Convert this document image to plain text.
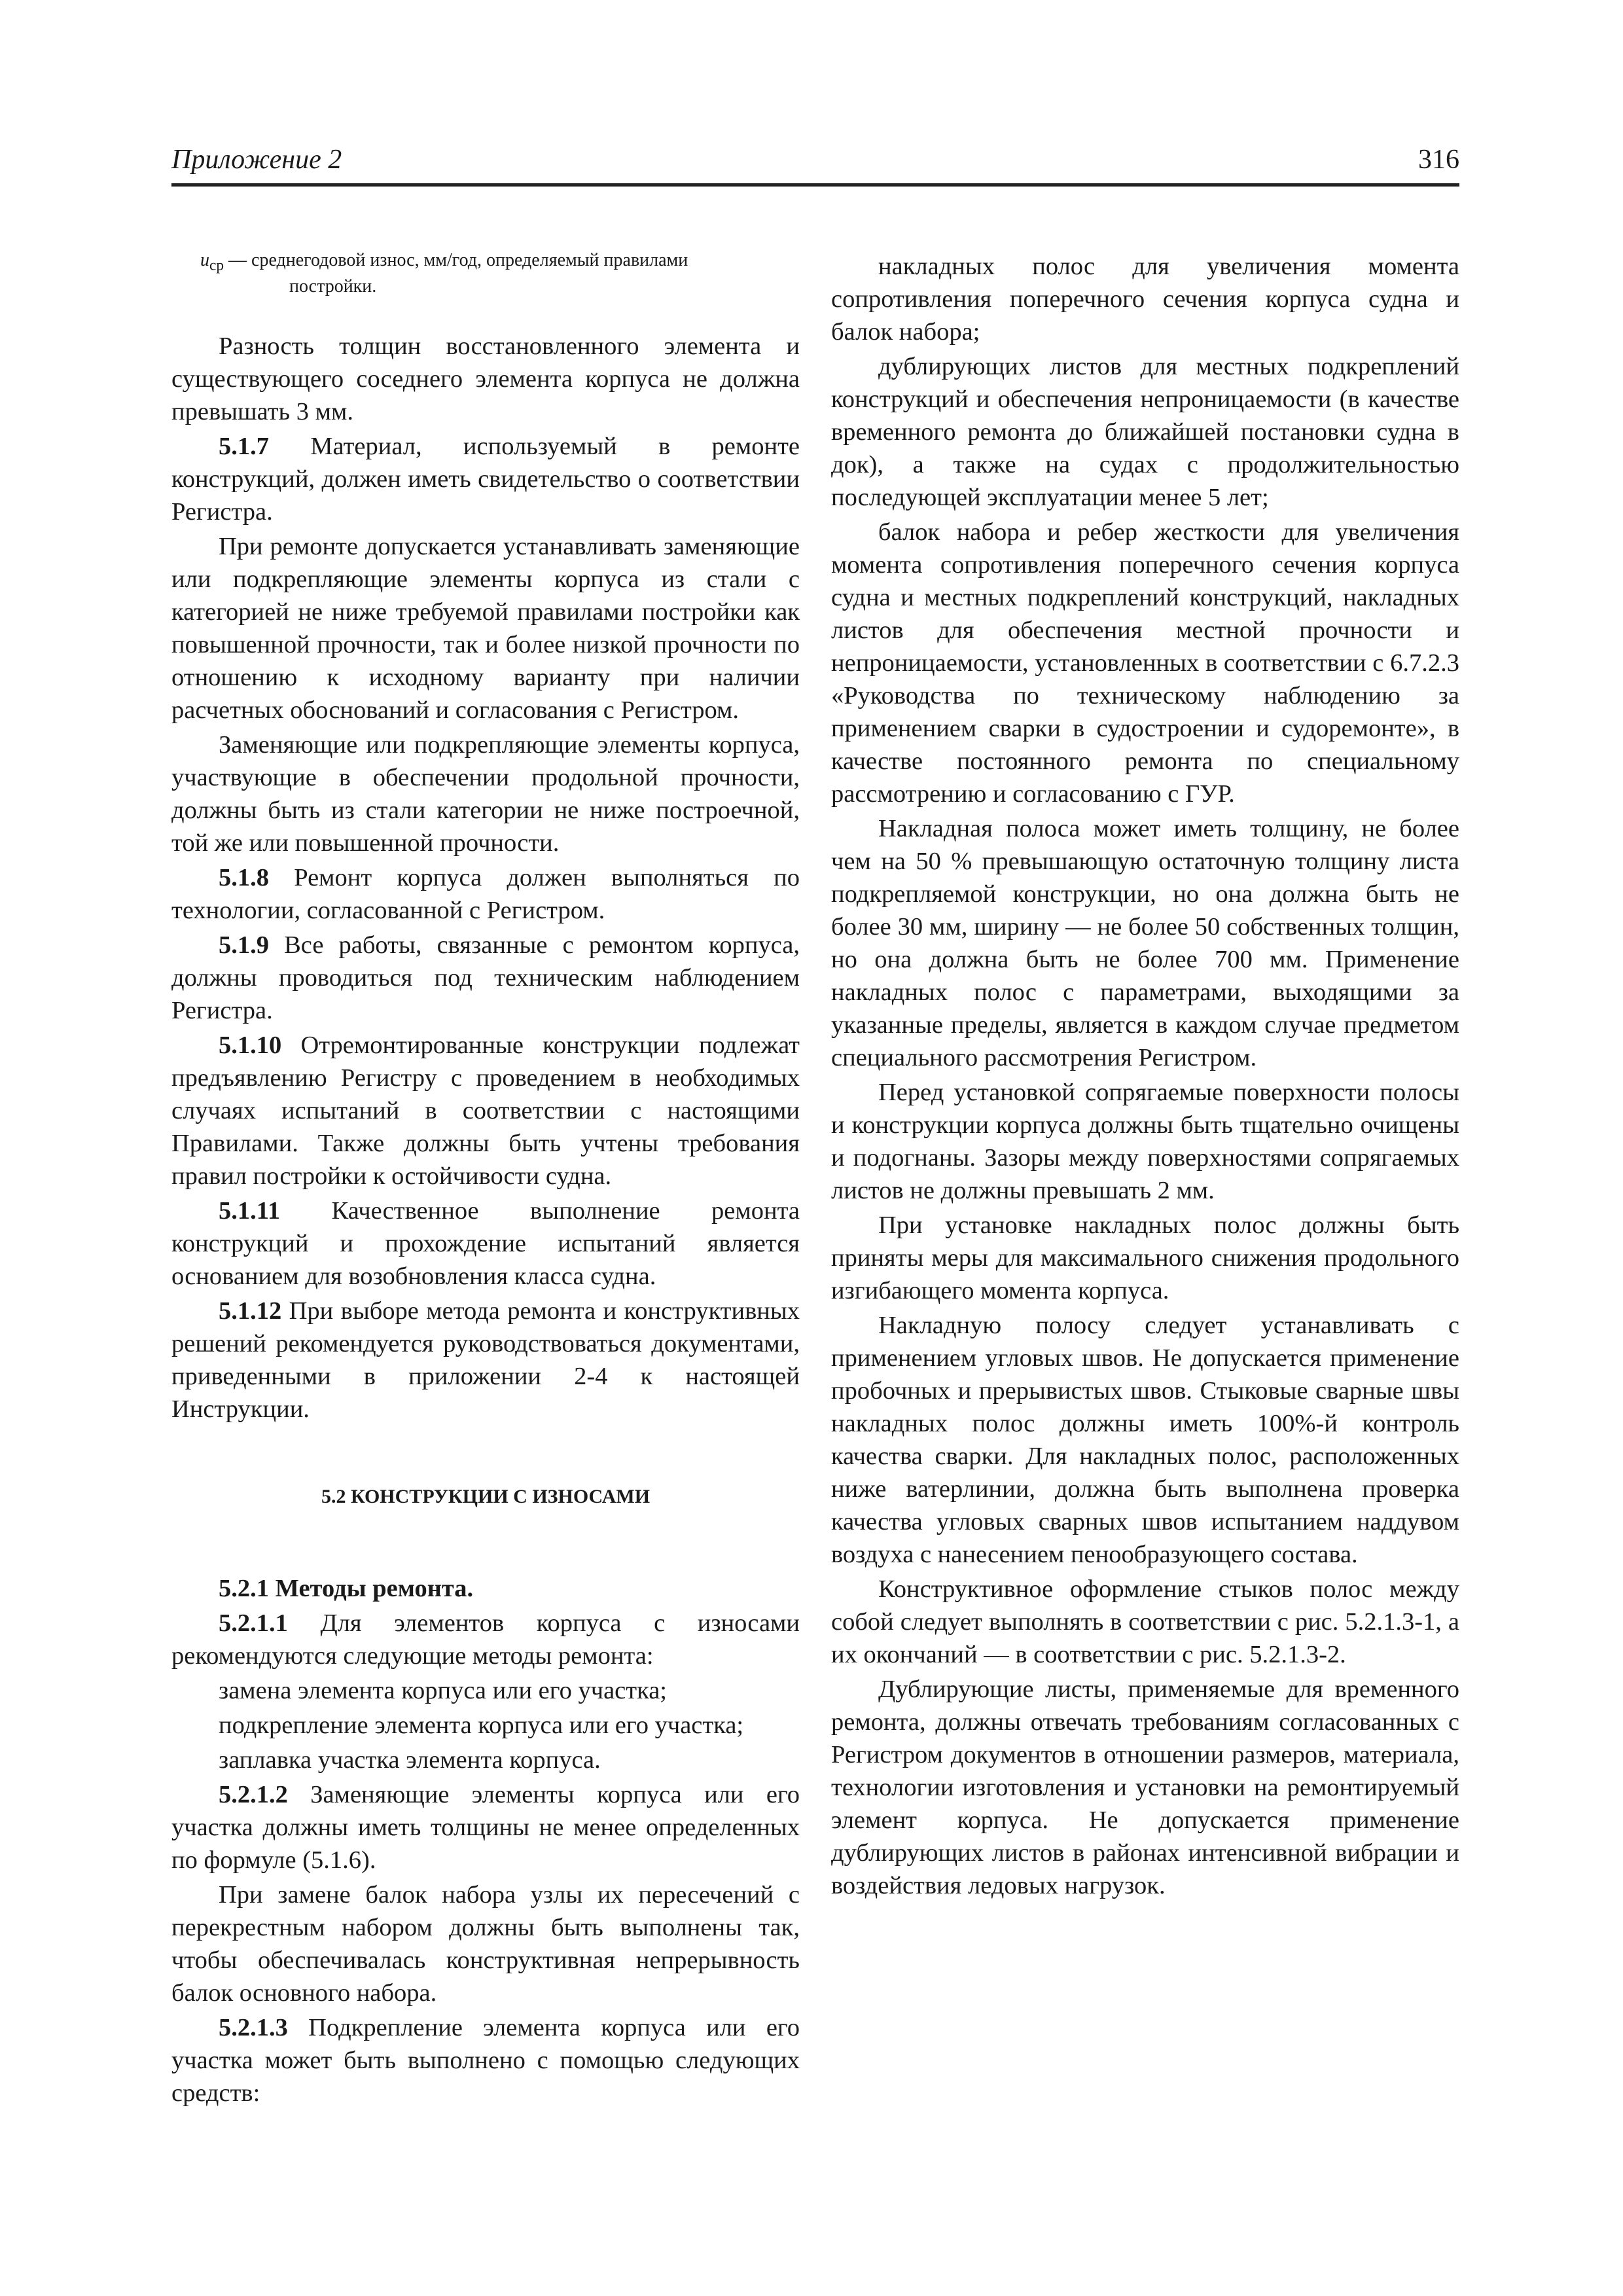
Приложение 2	316
$u_{ср}$ — среднегодовой износ, мм/год, определяемый правилами
постройки.

Разность толщин восстановленного элемента и существующего соседнего элемента корпуса не должна превышать 3 мм.

5.1.7 Материал, используемый в ремонте конструкций, должен иметь свидетельство о соответствии Регистра.

При ремонте допускается устанавливать заменяющие или подкрепляющие элементы корпуса из стали с категорией не ниже требуемой правилами постройки как повышенной прочности, так и более низкой прочности по отношению к исходному варианту при наличии расчетных обоснований и согласования с Регистром.

Заменяющие или подкрепляющие элементы корпуса, участвующие в обеспечении продольной прочности, должны быть из стали категории не ниже построечной, той же или повышенной прочности.

5.1.8 Ремонт корпуса должен выполняться по технологии, согласованной с Регистром.

5.1.9 Все работы, связанные с ремонтом корпуса, должны проводиться под техническим наблюдением Регистра.

5.1.10 Отремонтированные конструкции подлежат предъявлению Регистру с проведением в необходимых случаях испытаний в соответствии с настоящими Правилами. Также должны быть учтены требования правил постройки к остойчивости судна.

5.1.11 Качественное выполнение ремонта конструкций и прохождение испытаний является основанием для возобновления класса судна.

5.1.12 При выборе метода ремонта и конструктивных решений рекомендуется руководствоваться документами, приведенными в приложении 2-4 к настоящей Инструкции.

5.2 КОНСТРУКЦИИ С ИЗНОСАМИ

5.2.1 Методы ремонта.

5.2.1.1 Для элементов корпуса с износами рекомендуются следующие методы ремонта:

замена элемента корпуса или его участка;

подкрепление элемента корпуса или его участка;

заплавка участка элемента корпуса.

5.2.1.2 Заменяющие элементы корпуса или его участка должны иметь толщины не менее определенных по формуле (5.1.6).

При замене балок набора узлы их пересечений с перекрестным набором должны быть выполнены так, чтобы обеспечивалась конструктивная непрерывность балок основного набора.

5.2.1.3 Подкрепление элемента корпуса или его участка может быть выполнено с помощью следующих средств:

накладных полос для увеличения момента сопротивления поперечного сечения корпуса судна и балок набора;

дублирующих листов для местных подкреплений конструкций и обеспечения непроницаемости (в качестве временного ремонта до ближайшей постановки судна в док), а также на судах с продолжительностью последующей эксплуатации менее 5 лет;

балок набора и ребер жесткости для увеличения момента сопротивления поперечного сечения корпуса судна и местных подкреплений конструкций, накладных листов для обеспечения местной прочности и непроницаемости, установленных в соответствии с 6.7.2.3 «Руководства по техническому наблюдению за применением сварки в судостроении и судоремонте», в качестве постоянного ремонта по специальному рассмотрению и согласованию с ГУР.

Накладная полоса может иметь толщину, не более чем на 50 % превышающую остаточную толщину листа подкрепляемой конструкции, но она должна быть не более 30 мм, ширину — не более 50 собственных толщин, но она должна быть не более 700 мм. Применение накладных полос с параметрами, выходящими за указанные пределы, является в каждом случае предметом специального рассмотрения Регистром.

Перед установкой сопрягаемые поверхности полосы и конструкции корпуса должны быть тщательно очищены и подогнаны. Зазоры между поверхностями сопрягаемых листов не должны превышать 2 мм.

При установке накладных полос должны быть приняты меры для максимального снижения продольного изгибающего момента корпуса.

Накладную полосу следует устанавливать с применением угловых швов. Не допускается применение пробочных и прерывистых швов. Стыковые сварные швы накладных полос должны иметь 100%-й контроль качества сварки. Для накладных полос, расположенных ниже ватерлинии, должна быть выполнена проверка качества угловых сварных швов испытанием наддувом воздуха с нанесением пенообразующего состава.

Конструктивное оформление стыков полос между собой следует выполнять в соответствии с рис. 5.2.1.3-1, а их окончаний — в соответствии с рис. 5.2.1.3-2.

Дублирующие листы, применяемые для временного ремонта, должны отвечать требованиям согласованных с Регистром документов в отношении размеров, материала, технологии изготовления и установки на ремонтируемый элемент корпуса. Не допускается применение дублирующих листов в районах интенсивной вибрации и воздействия ледовых нагрузок.
